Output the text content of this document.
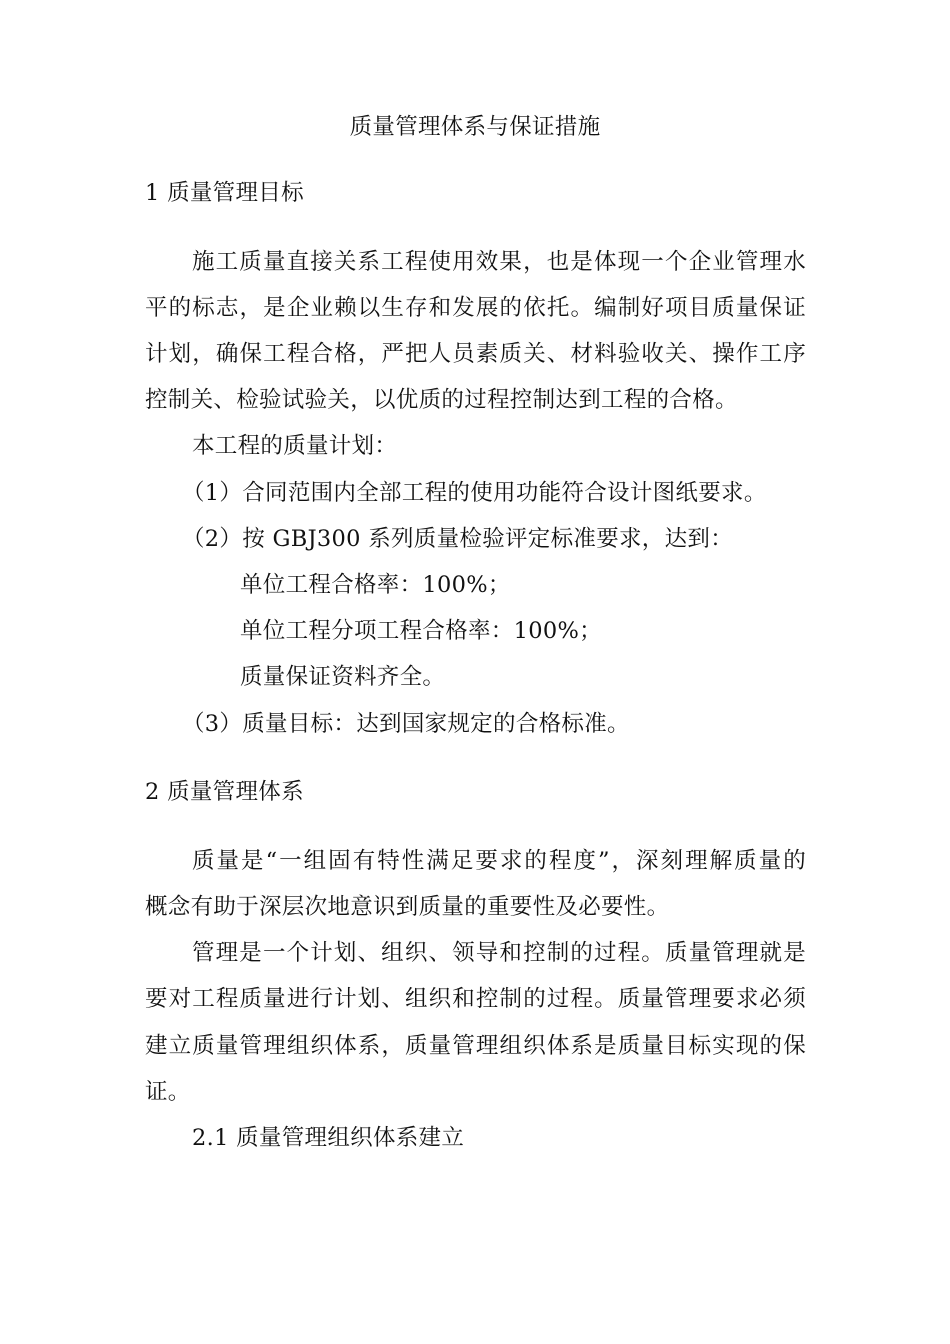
质量管理体系与保证措施
1 质量管理目标
施工质量直接关系工程使用效果，也是体现一个企业管理水
平的标志，是企业赖以生存和发展的依托。编制好项目质量保证
计划，确保工程合格，严把人员素质关、材料验收关、操作工序
控制关、检验试验关，以优质的过程控制达到工程的合格。
本工程的质量计划：
（1）合同范围内全部工程的使用功能符合设计图纸要求。
（2）按 GBJ300 系列质量检验评定标准要求，达到：
单位工程合格率：100%；
单位工程分项工程合格率：100%；
质量保证资料齐全。
（3）质量目标：达到国家规定的合格标准。
2 质量管理体系
质量是“一组固有特性满足要求的程度”，深刻理解质量的
概念有助于深层次地意识到质量的重要性及必要性。
管理是一个计划、组织、领导和控制的过程。质量管理就是
要对工程质量进行计划、组织和控制的过程。质量管理要求必须
建立质量管理组织体系，质量管理组织体系是质量目标实现的保
证。
2.1 质量管理组织体系建立
